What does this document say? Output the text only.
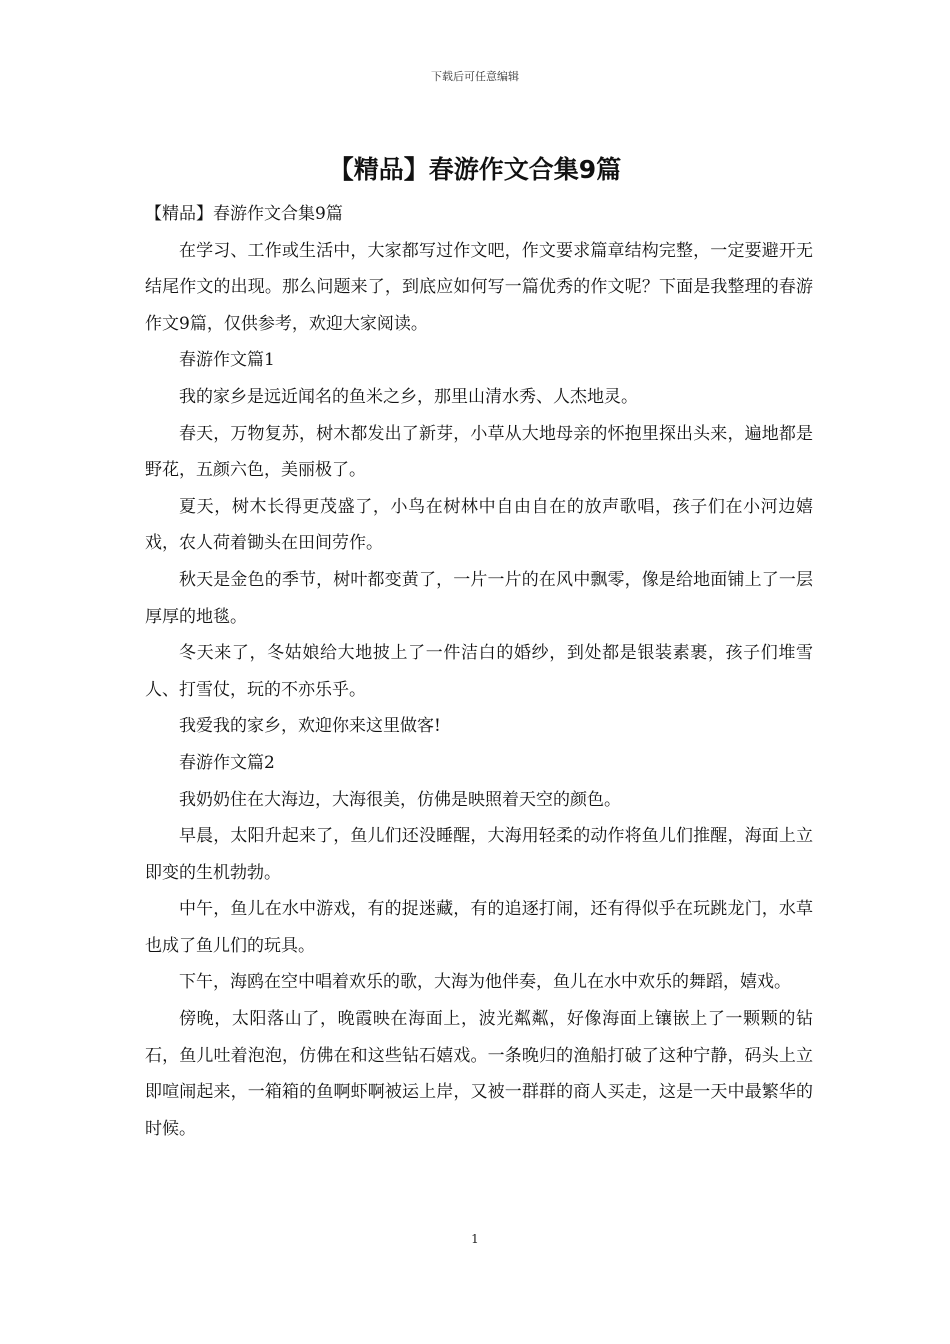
下载后可任意编辑
【精品】春游作文合集9篇

【精品】春游作文合集9篇

在学习、工作或生活中，大家都写过作文吧，作文要求篇章结构完整，一定要避开无结尾作文的出现。那么问题来了，到底应如何写一篇优秀的作文呢？下面是我整理的春游作文9篇，仅供参考，欢迎大家阅读。

春游作文篇1

我的家乡是远近闻名的鱼米之乡，那里山清水秀、人杰地灵。

春天，万物复苏，树木都发出了新芽，小草从大地母亲的怀抱里探出头来，遍地都是野花，五颜六色，美丽极了。

夏天，树木长得更茂盛了，小鸟在树林中自由自在的放声歌唱，孩子们在小河边嬉戏，农人荷着锄头在田间劳作。

秋天是金色的季节，树叶都变黄了，一片一片的在风中飘零，像是给地面铺上了一层厚厚的地毯。

冬天来了，冬姑娘给大地披上了一件洁白的婚纱，到处都是银装素裹，孩子们堆雪人、打雪仗，玩的不亦乐乎。

我爱我的家乡，欢迎你来这里做客!

春游作文篇2

我奶奶住在大海边，大海很美，仿佛是映照着天空的颜色。

早晨，太阳升起来了，鱼儿们还没睡醒，大海用轻柔的动作将鱼儿们推醒，海面上立即变的生机勃勃。

中午，鱼儿在水中游戏，有的捉迷藏，有的追逐打闹，还有得似乎在玩跳龙门，水草也成了鱼儿们的玩具。

下午，海鸥在空中唱着欢乐的歌，大海为他伴奏，鱼儿在水中欢乐的舞蹈，嬉戏。

傍晚，太阳落山了，晚霞映在海面上，波光粼粼，好像海面上镶嵌上了一颗颗的钻石，鱼儿吐着泡泡，仿佛在和这些钻石嬉戏。一条晚归的渔船打破了这种宁静，码头上立即喧闹起来，一箱箱的鱼啊虾啊被运上岸，又被一群群的商人买走，这是一天中最繁华的时候。

1
